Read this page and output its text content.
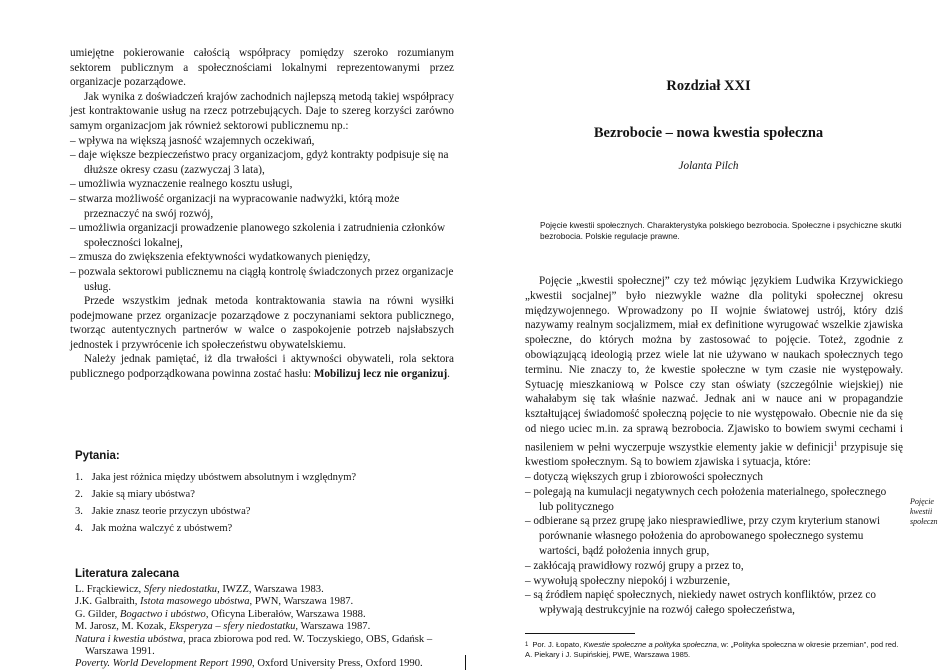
umiejętne pokierowanie całością współpracy pomiędzy szeroko rozumianym sektorem publicznym a społecznościami lokalnymi reprezentowanymi przez organizacje pozarządowe.

Jak wynika z doświadczeń krajów zachodnich najlepszą metodą takiej współpracy jest kontraktowanie usług na rzecz potrzebujących. Daje to szereg korzyści zarówno samym organizacjom jak również sektorowi publicznemu np.:

– wpływa na większą jasność wzajemnych oczekiwań,
– daje większe bezpieczeństwo pracy organizacjom, gdyż kontrakty podpisuje się na dłuższe okresy czasu (zazwyczaj 3 lata),
– umożliwia wyznaczenie realnego kosztu usługi,
– stwarza możliwość organizacji na wypracowanie nadwyżki, którą może przeznaczyć na swój rozwój,
– umożliwia organizacji prowadzenie planowego szkolenia i zatrudnienia członków społeczności lokalnej,
– zmusza do zwiększenia efektywności wydatkowanych pieniędzy,
– pozwala sektorowi publicznemu na ciągłą kontrolę świadczonych przez organizacje usług.

Przede wszystkim jednak metoda kontraktowania stawia na równi wysiłki podejmowane przez organizacje pozarządowe z poczynaniami sektora publicznego, tworząc autentycznych partnerów w walce o zaspokojenie potrzeb najsłabszych jednostek i przywrócenie ich społeczeństwu obywatelskiemu.

Należy jednak pamiętać, iż dla trwałości i aktywności obywateli, rola sektora publicznego podporządkowana powinna zostać hasłu: Mobilizuj lecz nie organizuj.

Pytania:
1. Jaka jest różnica między ubóstwem absolutnym i względnym?
2. Jakie są miary ubóstwa?
3. Jakie znasz teorie przyczyn ubóstwa?
4. Jak można walczyć z ubóstwem?
Literatura zalecana
L. Frąckiewicz, Sfery niedostatku, IWZZ, Warszawa 1983.
J.K. Galbraith, Istota masowego ubóstwa, PWN, Warszawa 1987.
G. Gilder, Bogactwo i ubóstwo, Oficyna Liberałów, Warszawa 1988.
M. Jarosz, M. Kozak, Eksperyza – sfery niedostatku, Warszawa 1987.
Natura i kwestia ubóstwa, praca zbiorowa pod red. W. Toczyskiego, OBS, Gdańsk – Warszawa 1991.
Poverty. World Development Report 1990, Oxford University Press, Oxford 1990.
Rozdział XXI
Bezrobocie – nowa kwestia społeczna
Jolanta Pilch

Pojęcie kwestii społecznych. Charakterystyka polskiego bezrobocia. Społeczne i psychiczne skutki bezrobocia. Polskie regulacje prawne.

Pojęcie „kwestii społecznej” czy też mówiąc językiem Ludwika Krzywickiego „kwestii socjalnej” było niezwykle ważne dla polityki społecznej okresu międzywojennego. Wprowadzony po II wojnie światowej ustrój, który dziś nazywamy realnym socjalizmem, miał ex definitione wyrugować wszelkie zjawiska społeczne, do których można by zastosować to pojęcie. Toteż, zgodnie z obowiązującą ideologią przez wiele lat nie używano w naukach społecznych tego terminu. Nie znaczy to, że kwestie społeczne w tym czasie nie występowały. Sytuację mieszkaniową w Polsce czy stan oświaty (szczególnie wiejskiej) nie wahałabym się tak właśnie nazwać. Jednak ani w nauce ani w propagandzie kształtującej świadomość społeczną pojęcie to nie występowało. Obecnie nie da się od niego uciec m.in. za sprawą bezrobocia. Zjawisko to bowiem swymi cechami i nasileniem w pełni wyczerpuje wszystkie elementy jakie w definicji$^1$ przypisuje się kwestiom społecznym. Są to bowiem zjawiska i sytuacja, które:

– dotyczą większych grup i zbiorowości społecznych
– polegają na kumulacji negatywnych cech położenia materialnego, społecznego lub politycznego
– odbierane są przez grupę jako niesprawiedliwe, przy czym kryterium stanowi porównanie własnego położenia do aprobowanego społecznego systemu wartości, bądź położenia innych grup,
– zakłócają prawidłowy rozwój grupy a przez to,
– wywołują społeczny niepokój i wzburzenie,
– są źródłem napięć społecznych, niekiedy nawet ostrych konfliktów, przez co wpływają destrukcyjnie na rozwój całego społeczeństwa,
Pojęcie
kwestii
społeczn

$^1$ Por. J. Łopato, Kwestie społeczne a polityka społeczna, w: „Polityka społeczna w okresie przemian”, pod red. A. Piekary i J. Supińskiej, PWE, Warszawa 1985.
